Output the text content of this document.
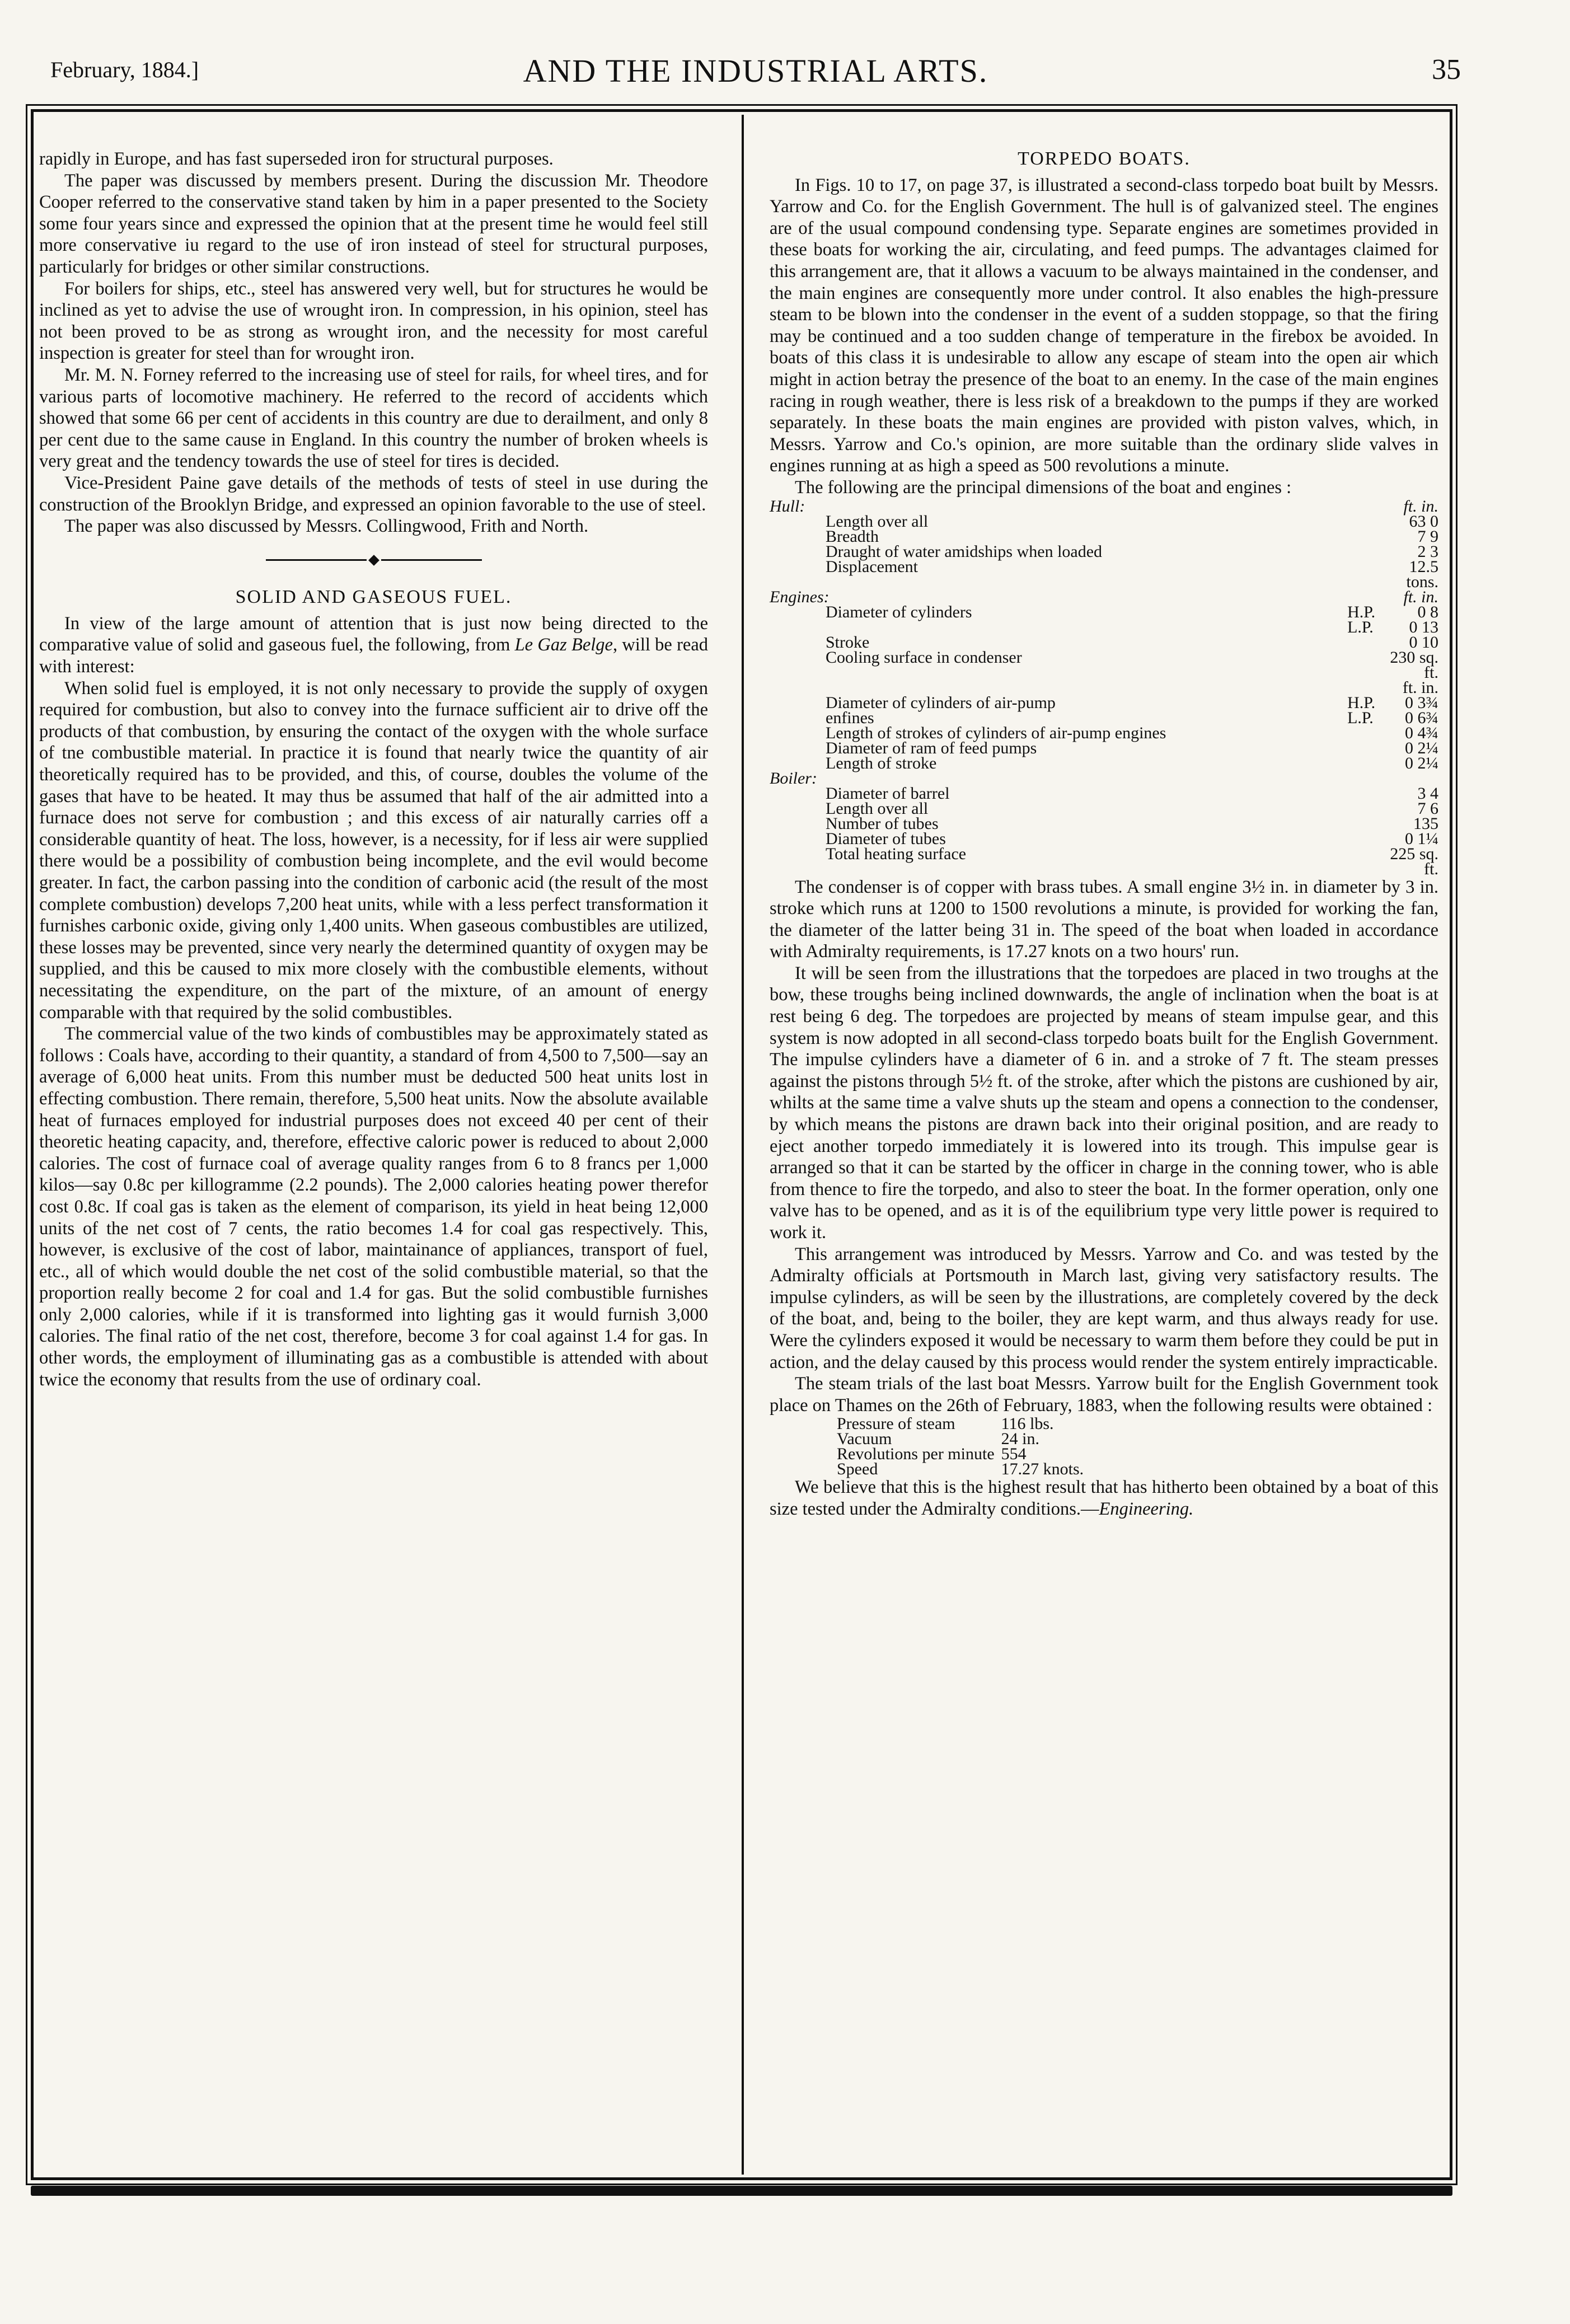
February, 1884.]	AND THE INDUSTRIAL ARTS.	35

rapidly in Europe, and has fast superseded iron for structural purposes.

The paper was discussed by members present. During the discussion Mr. Theodore Cooper referred to the conservative stand taken by him in a paper presented to the Society some four years since and expressed the opinion that at the present time he would feel still more conservative iu regard to the use of iron instead of steel for structural purposes, particularly for bridges or other similar constructions.

For boilers for ships, etc., steel has answered very well, but for structures he would be inclined as yet to advise the use of wrought iron. In compression, in his opinion, steel has not been proved to be as strong as wrought iron, and the necessity for most careful inspection is greater for steel than for wrought iron.

Mr. M. N. Forney referred to the increasing use of steel for rails, for wheel tires, and for various parts of locomotive machinery. He referred to the record of accidents which showed that some 66 per cent of accidents in this country are due to derailment, and only 8 per cent due to the same cause in England. In this country the number of broken wheels is very great and the tendency towards the use of steel for tires is decided.

Vice-President Paine gave details of the methods of tests of steel in use during the construction of the Brooklyn Bridge, and expressed an opinion favorable to the use of steel.

The paper was also discussed by Messrs. Collingwood, Frith and North.

SOLID AND GASEOUS FUEL.

In view of the large amount of attention that is just now being directed to the comparative value of solid and gaseous fuel, the following, from Le Gaz Belge, will be read with interest:

When solid fuel is employed, it is not only necessary to provide the supply of oxygen required for combustion, but also to convey into the furnace sufficient air to drive off the products of that combustion, by ensuring the contact of the oxygen with the whole surface of tne combustible material. In practice it is found that nearly twice the quantity of air theoretically required has to be provided, and this, of course, doubles the volume of the gases that have to be heated. It may thus be assumed that half of the air admitted into a furnace does not serve for combustion ; and this excess of air naturally carries off a considerable quantity of heat. The loss, however, is a necessity, for if less air were supplied there would be a possibility of combustion being incomplete, and the evil would become greater. In fact, the carbon passing into the condition of carbonic acid (the result of the most complete combustion) develops 7,200 heat units, while with a less perfect transformation it furnishes carbonic oxide, giving only 1,400 units. When gaseous combustibles are utilized, these losses may be prevented, since very nearly the determined quantity of oxygen may be supplied, and this be caused to mix more closely with the combustible elements, without necessitating the expenditure, on the part of the mixture, of an amount of energy comparable with that required by the solid combustibles.

The commercial value of the two kinds of combustibles may be approximately stated as follows : Coals have, according to their quantity, a standard of from 4,500 to 7,500—say an average of 6,000 heat units. From this number must be deducted 500 heat units lost in effecting combustion. There remain, therefore, 5,500 heat units. Now the absolute available heat of furnaces employed for industrial purposes does not exceed 40 per cent of their theoretic heating capacity, and, therefore, effective caloric power is reduced to about 2,000 calories. The cost of furnace coal of average quality ranges from 6 to 8 francs per 1,000 kilos—say 0.8c per killogramme (2.2 pounds). The 2,000 calories heating power therefor cost 0.8c. If coal gas is taken as the element of comparison, its yield in heat being 12,000 units of the net cost of 7 cents, the ratio becomes 1.4 for coal gas respectively. This, however, is exclusive of the cost of labor, maintainance of appliances, transport of fuel, etc., all of which would double the net cost of the solid combustible material, so that the proportion really become 2 for coal and 1.4 for gas. But the solid combustible furnishes only 2,000 calories, while if it is transformed into lighting gas it would furnish 3,000 calories. The final ratio of the net cost, therefore, become 3 for coal against 1.4 for gas. In other words, the employment of illuminating gas as a combustible is attended with about twice the economy that results from the use of ordinary coal.

TORPEDO BOATS.

In Figs. 10 to 17, on page 37, is illustrated a second-class torpedo boat built by Messrs. Yarrow and Co. for the English Government. The hull is of galvanized steel. The engines are of the usual compound condensing type. Separate engines are sometimes provided in these boats for working the air, circulating, and feed pumps. The advantages claimed for this arrangement are, that it allows a vacuum to be always maintained in the condenser, and the main engines are consequently more under control. It also enables the high-pressure steam to be blown into the condenser in the event of a sudden stoppage, so that the firing may be continued and a too sudden change of temperature in the firebox be avoided. In boats of this class it is undesirable to allow any escape of steam into the open air which might in action betray the presence of the boat to an enemy. In the case of the main engines racing in rough weather, there is less risk of a breakdown to the pumps if they are worked separately. In these boats the main engines are provided with piston valves, which, in Messrs. Yarrow and Co.'s opinion, are more suitable than the ordinary slide valves in engines running at as high a speed as 500 revolutions a minute.

The following are the principal dimensions of the boat and engines :

Hull:		ft. in.
Length over all		63 0
Breadth		7 9
Draught of water amidships when loaded		2 3
Displacement		12.5 tons.
Engines:		ft. in.
Diameter of cylinders	H.P.	0 8
	L.P.	0 13
Stroke		0 10
Cooling surface in condenser		230 sq. ft.
		ft. in.
Diameter of cylinders of air-pump	H.P.	0 3¾
enfines	L.P.	0 6¾
Length of strokes of cylinders of air-pump engines		0 4¾
Diameter of ram of feed pumps		0 2¼
Length of stroke		0 2¼
Boiler:		
Diameter of barrel		3 4
Length over all		7 6
Number of tubes		135
Diameter of tubes		0 1¼
Total heating surface		225 sq. ft.

The condenser is of copper with brass tubes. A small engine 3½ in. in diameter by 3 in. stroke which runs at 1200 to 1500 revolutions a minute, is provided for working the fan, the diameter of the latter being 31 in. The speed of the boat when loaded in accordance with Admiralty requirements, is 17.27 knots on a two hours' run.

It will be seen from the illustrations that the torpedoes are placed in two troughs at the bow, these troughs being inclined downwards, the angle of inclination when the boat is at rest being 6 deg. The torpedoes are projected by means of steam impulse gear, and this system is now adopted in all second-class torpedo boats built for the English Government. The impulse cylinders have a diameter of 6 in. and a stroke of 7 ft. The steam presses against the pistons through 5½ ft. of the stroke, after which the pistons are cushioned by air, whilts at the same time a valve shuts up the steam and opens a connection to the condenser, by which means the pistons are drawn back into their original position, and are ready to eject another torpedo immediately it is lowered into its trough. This impulse gear is arranged so that it can be started by the officer in charge in the conning tower, who is able from thence to fire the torpedo, and also to steer the boat. In the former operation, only one valve has to be opened, and as it is of the equilibrium type very little power is required to work it.

This arrangement was introduced by Messrs. Yarrow and Co. and was tested by the Admiralty officials at Portsmouth in March last, giving very satisfactory results. The impulse cylinders, as will be seen by the illustrations, are completely covered by the deck of the boat, and, being to the boiler, they are kept warm, and thus always ready for use. Were the cylinders exposed it would be necessary to warm them before they could be put in action, and the delay caused by this process would render the system entirely impracticable.

The steam trials of the last boat Messrs. Yarrow built for the English Government took place on Thames on the 26th of February, 1883, when the following results were obtained :

Pressure of steam	116 lbs.
Vacuum	24 in.
Revolutions per minute	554
Speed	17.27 knots.

We believe that this is the highest result that has hitherto been obtained by a boat of this size tested under the Admiralty conditions.—Engineering.
